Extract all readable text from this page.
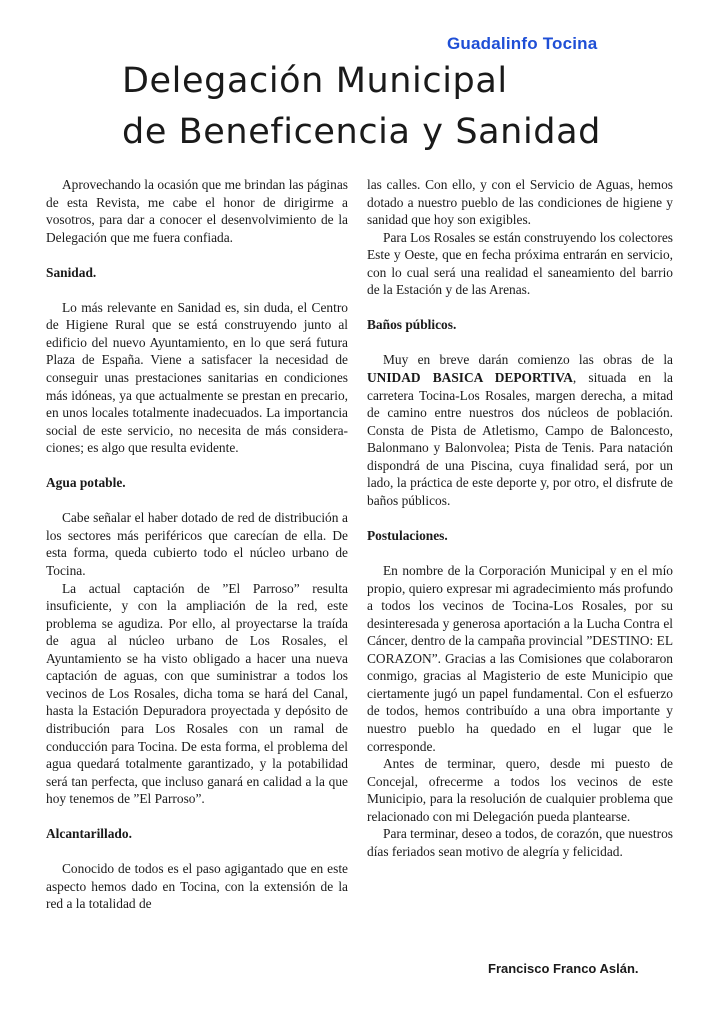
Guadalinfo Tocina
Delegación Municipal
de Beneficencia y Sanidad

Aprovechando la ocasión que me brindan las páginas de esta Revista, me cabe el honor de dirigirme a vosotros, para dar a conocer el desenvolvimiento de la Delegación que me fuera confiada.

Sanidad.

Lo más relevante en Sanidad es, sin duda, el Centro de Higiene Rural que se está construyendo junto al edificio del nuevo Ayuntamiento, en lo que será futura Plaza de España. Viene a satisfacer la necesidad de conseguir unas prestaciones sanitarias en condiciones más idóneas, ya que actualmente se prestan en precario, en unos locales totalmente inadecuados. La importancia social de este servicio, no necesita de más consideraciones; es algo que resulta evidente.

Agua potable.

Cabe señalar el haber dotado de red de distribución a los sectores más periféricos que carecían de ella. De esta forma, queda cubierto todo el núcleo urbano de Tocina.

La actual captación de ”El Parroso” resulta insuficiente, y con la ampliación de la red, este problema se agudiza. Por ello, al proyectarse la traída de agua al núcleo urbano de Los Rosales, el Ayuntamiento se ha visto obligado a hacer una nueva captación de aguas, con que suministrar a todos los vecinos de Los Rosales, dicha toma se hará del Canal, hasta la Estación Depuradora proyectada y depósito de distribución para Los Rosales con un ramal de conducción para Tocina. De esta forma, el problema del agua quedará totalmente garantizado, y la potabilidad será tan perfecta, que incluso ganará en calidad a la que hoy tenemos de ”El Parroso”.

Alcantarillado.

Conocido de todos es el paso agigantado que en este aspecto hemos dado en Tocina, con la extensión de la red a la totalidad de

las calles. Con ello, y con el Servicio de Aguas, hemos dotado a nuestro pueblo de las condiciones de higiene y sanidad que hoy son exigibles.

Para Los Rosales se están construyendo los colectores Este y Oeste, que en fecha próxima entrarán en servicio, con lo cual será una realidad el saneamiento del barrio de la Estación y de las Arenas.

Baños públicos.

Muy en breve darán comienzo las obras de la UNIDAD BASICA DEPORTIVA, situada en la carretera Tocina-Los Rosales, margen derecha, a mitad de camino entre nuestros dos núcleos de población. Consta de Pista de Atletismo, Campo de Baloncesto, Balonmano y Balonvolea; Pista de Tenis. Para natación dispondrá de una Piscina, cuya finalidad será, por un lado, la práctica de este deporte y, por otro, el disfrute de baños públicos.

Postulaciones.

En nombre de la Corporación Municipal y en el mío propio, quiero expresar mi agradecimiento más profundo a todos los vecinos de Tocina-Los Rosales, por su desinteresada y generosa aportación a la Lucha Contra el Cáncer, dentro de la campaña provincial ”DESTINO: EL CORAZON”. Gracias a las Comisiones que colaboraron conmigo, gracias al Magisterio de este Municipio que ciertamente jugó un papel fundamental. Con el esfuerzo de todos, hemos contribuído a una obra importante y nuestro pueblo ha quedado en el lugar que le corresponde.

Antes de terminar, quero, desde mi puesto de Concejal, ofrecerme a todos los vecinos de este Municipio, para la resolución de cualquier problema que relacionado con mi Delegación pueda plantearse.

Para terminar, deseo a todos, de corazón, que nuestros días feriados sean motivo de alegría y felicidad.

Francisco Franco Aslán.
